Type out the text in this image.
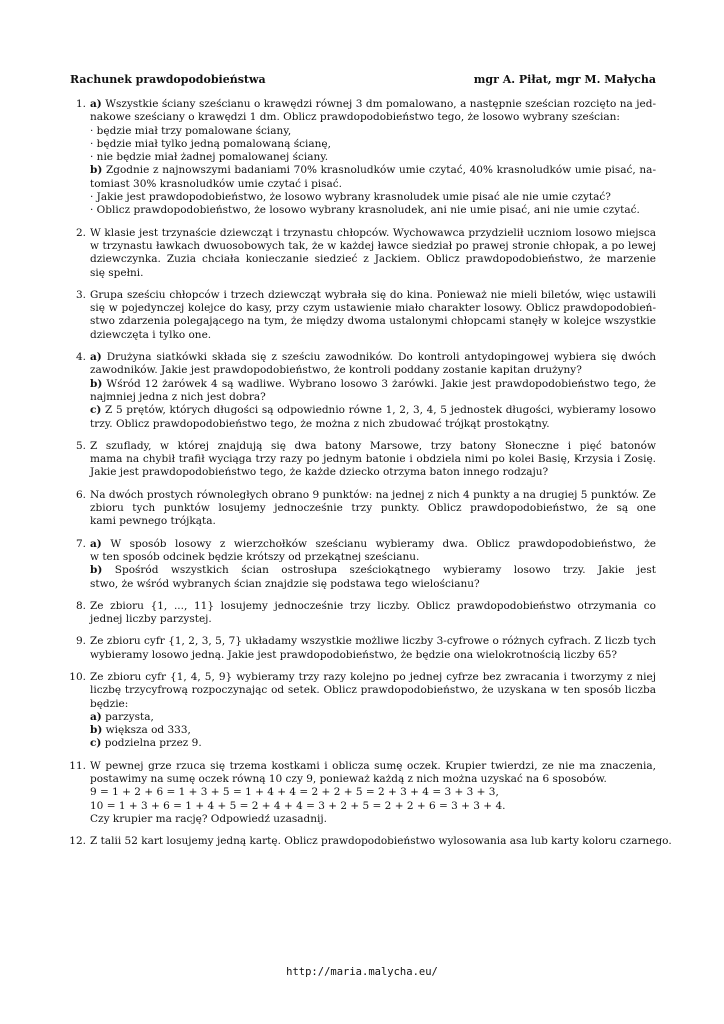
Rachunek prawdopodobieństwa	mgr A. Piłat, mgr M. Małycha
1. a) Wszystkie ściany sześcianu o krawędzi równej 3 dm pomalowano, a następnie sześcian rozcięto na jed-
nakowe sześciany o krawędzi 1 dm. Oblicz prawdopodobieństwo tego, że losowo wybrany sześcian:
· będzie miał trzy pomalowane ściany,
· będzie miał tylko jedną pomalowaną ścianę,
· nie będzie miał żadnej pomalowanej ściany.
b) Zgodnie z najnowszymi badaniami 70% krasnoludków umie czytać, 40% krasnoludków umie pisać, na-
tomiast 30% krasnoludków umie czytać i pisać.
· Jakie jest prawdopodobieństwo, że losowo wybrany krasnoludek umie pisać ale nie umie czytać?
· Oblicz prawdopodobieństwo, że losowo wybrany krasnoludek, ani nie umie pisać, ani nie umie czytać.
2. W klasie jest trzynaście dziewcząt i trzynastu chłopców. Wychowawca przydzielił uczniom losowo miejsca
w trzynastu ławkach dwuosobowych tak, że w każdej ławce siedział po prawej stronie chłopak, a po lewej
dziewczynka. Zuzia chciała konieczanie siedzieć z Jackiem. Oblicz prawdopodobieństwo, że marzenie
się spełni.
3. Grupa sześciu chłopców i trzech dziewcząt wybrała się do kina. Ponieważ nie mieli biletów, więc ustawili
się w pojedynczej kolejce do kasy, przy czym ustawienie miało charakter losowy. Oblicz prawdopodobień-
stwo zdarzenia polegającego na tym, że między dwoma ustalonymi chłopcami stanęły w kolejce wszystkie
dziewczęta i tylko one.
4. a) Drużyna siatkówki składa się z sześciu zawodników. Do kontroli antydopingowej wybiera się dwóch
zawodników. Jakie jest prawdopodobieństwo, że kontroli poddany zostanie kapitan drużyny?
b) Wśród 12 żarówek 4 są wadliwe. Wybrano losowo 3 żarówki. Jakie jest prawdopodobieństwo tego, że
najmniej jedna z nich jest dobra?
c) Z 5 prętów, których długości są odpowiednio równe 1, 2, 3, 4, 5 jednostek długości, wybieramy losowo
trzy. Oblicz prawdopodobieństwo tego, że można z nich zbudować trójkąt prostokątny.
5. Z szuflady, w której znajdują się dwa batony Marsowe, trzy batony Słoneczne i pięć batonów
mama na chybił trafił wyciąga trzy razy po jednym batonie i obdziela nimi po kolei Basię, Krzysia i Zosię.
Jakie jest prawdopodobieństwo tego, że każde dziecko otrzyma baton innego rodzaju?
6. Na dwóch prostych równoległych obrano 9 punktów: na jednej z nich 4 punkty a na drugiej 5 punktów. Ze
zbioru tych punktów losujemy jednocześnie trzy punkty. Oblicz prawdopodobieństwo, że są one
kami pewnego trójkąta.
7. a) W sposób losowy z wierzchołków sześcianu wybieramy dwa. Oblicz prawdopodobieństwo, że
w ten sposób odcinek będzie krótszy od przekątnej sześcianu.
b) Spośród wszystkich ścian ostrosłupa sześciokątnego wybieramy losowo trzy. Jakie jest
stwo, że wśród wybranych ścian znajdzie się podstawa tego wielościanu?
8. Ze zbioru {1, ..., 11} losujemy jednocześnie trzy liczby. Oblicz prawdopodobieństwo otrzymania co
jednej liczby parzystej.
9. Ze zbioru cyfr {1, 2, 3, 5, 7} układamy wszystkie możliwe liczby 3-cyfrowe o różnych cyfrach. Z liczb tych
wybieramy losowo jedną. Jakie jest prawdopodobieństwo, że będzie ona wielokrotnością liczby 65?
10. Ze zbioru cyfr {1, 4, 5, 9} wybieramy trzy razy kolejno po jednej cyfrze bez zwracania i tworzymy z niej
liczbę trzycyfrową rozpoczynając od setek. Oblicz prawdopodobieństwo, że uzyskana w ten sposób liczba
będzie:
a) parzysta,
b) większa od 333,
c) podzielna przez 9.
11. W pewnej grze rzuca się trzema kostkami i oblicza sumę oczek. Krupier twierdzi, ze nie ma znaczenia,
postawimy na sumę oczek równą 10 czy 9, ponieważ każdą z nich można uzyskać na 6 sposobów.
9 = 1 + 2 + 6 = 1 + 3 + 5 = 1 + 4 + 4 = 2 + 2 + 5 = 2 + 3 + 4 = 3 + 3 + 3,
10 = 1 + 3 + 6 = 1 + 4 + 5 = 2 + 4 + 4 = 3 + 2 + 5 = 2 + 2 + 6 = 3 + 3 + 4.
Czy krupier ma rację? Odpowiedź uzasadnij.
12. Z talii 52 kart losujemy jedną kartę. Oblicz prawdopodobieństwo wylosowania asa lub karty koloru czarnego.
http://maria.malycha.eu/
